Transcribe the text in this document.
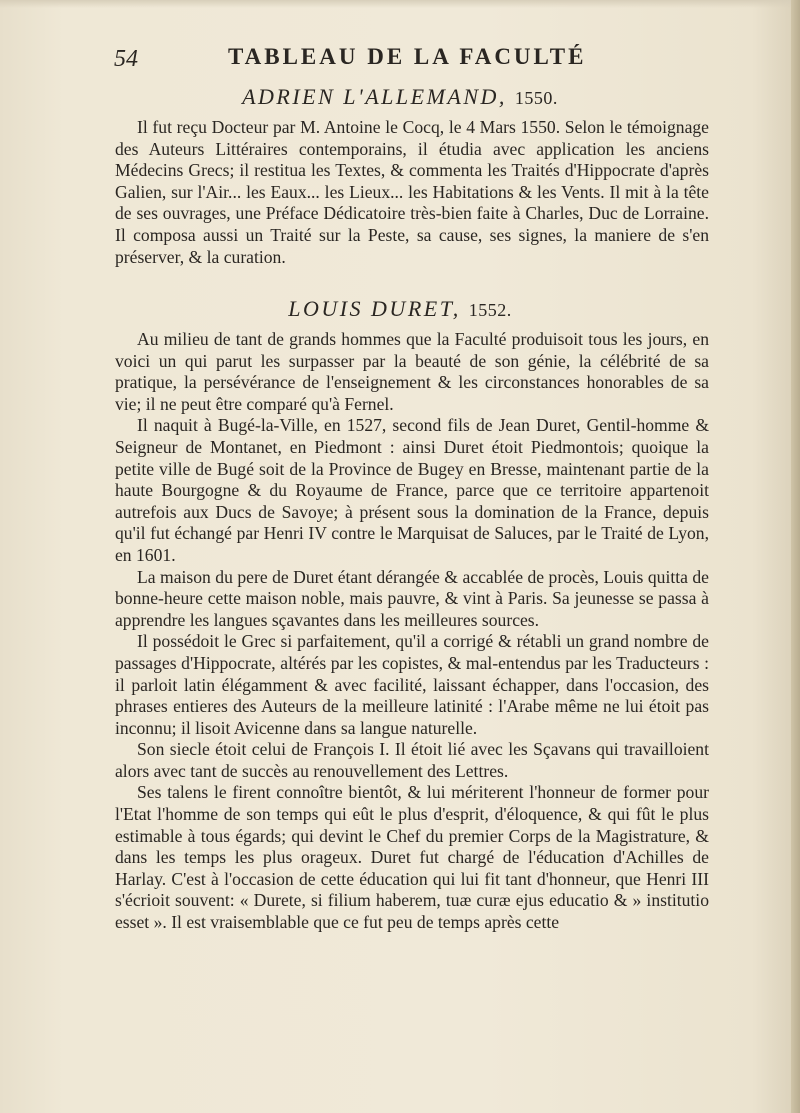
54	TABLEAU DE LA FACULTÉ
ADRIEN L'ALLEMAND, 1550.

Il fut reçu Docteur par M. Antoine le Cocq, le 4 Mars 1550. Selon le témoignage des Auteurs Littéraires contemporains, il étudia avec application les anciens Médecins Grecs; il restitua les Textes, & commenta les Traités d'Hippocrate d'après Galien, sur l'Air... les Eaux... les Lieux... les Habitations & les Vents. Il mit à la tête de ses ouvrages, une Préface Dédicatoire très-bien faite à Charles, Duc de Lorraine. Il composa aussi un Traité sur la Peste, sa cause, ses signes, la maniere de s'en préserver, & la curation.

LOUIS DURET, 1552.

Au milieu de tant de grands hommes que la Faculté produisoit tous les jours, en voici un qui parut les surpasser par la beauté de son génie, la célébrité de sa pratique, la persévérance de l'enseignement & les circonstances honorables de sa vie; il ne peut être comparé qu'à Fernel.

Il naquit à Bugé-la-Ville, en 1527, second fils de Jean Duret, Gentil-homme & Seigneur de Montanet, en Piedmont : ainsi Duret étoit Piedmontois; quoique la petite ville de Bugé soit de la Province de Bugey en Bresse, maintenant partie de la haute Bourgogne & du Royaume de France, parce que ce territoire appartenoit autrefois aux Ducs de Savoye; à présent sous la domination de la France, depuis qu'il fut échangé par Henri IV contre le Marquisat de Saluces, par le Traité de Lyon, en 1601.

La maison du pere de Duret étant dérangée & accablée de procès, Louis quitta de bonne-heure cette maison noble, mais pauvre, & vint à Paris. Sa jeunesse se passa à apprendre les langues sçavantes dans les meilleures sources.

Il possédoit le Grec si parfaitement, qu'il a corrigé & rétabli un grand nombre de passages d'Hippocrate, altérés par les copistes, & mal-entendus par les Traducteurs : il parloit latin élégamment & avec facilité, laissant échapper, dans l'occasion, des phrases entieres des Auteurs de la meilleure latinité : l'Arabe même ne lui étoit pas inconnu; il lisoit Avicenne dans sa langue naturelle.

Son siecle étoit celui de François I. Il étoit lié avec les Sçavans qui travailloient alors avec tant de succès au renouvellement des Lettres.

Ses talens le firent connoître bientôt, & lui mériterent l'honneur de former pour l'Etat l'homme de son temps qui eût le plus d'esprit, d'éloquence, & qui fût le plus estimable à tous égards; qui devint le Chef du premier Corps de la Magistrature, & dans les temps les plus orageux. Duret fut chargé de l'éducation d'Achilles de Harlay. C'est à l'occasion de cette éducation qui lui fit tant d'honneur, que Henri III s'écrioit souvent: « Durete, si filium haberem, tuæ curæ ejus educatio & » institutio esset ». Il est vraisemblable que ce fut peu de temps après cette
